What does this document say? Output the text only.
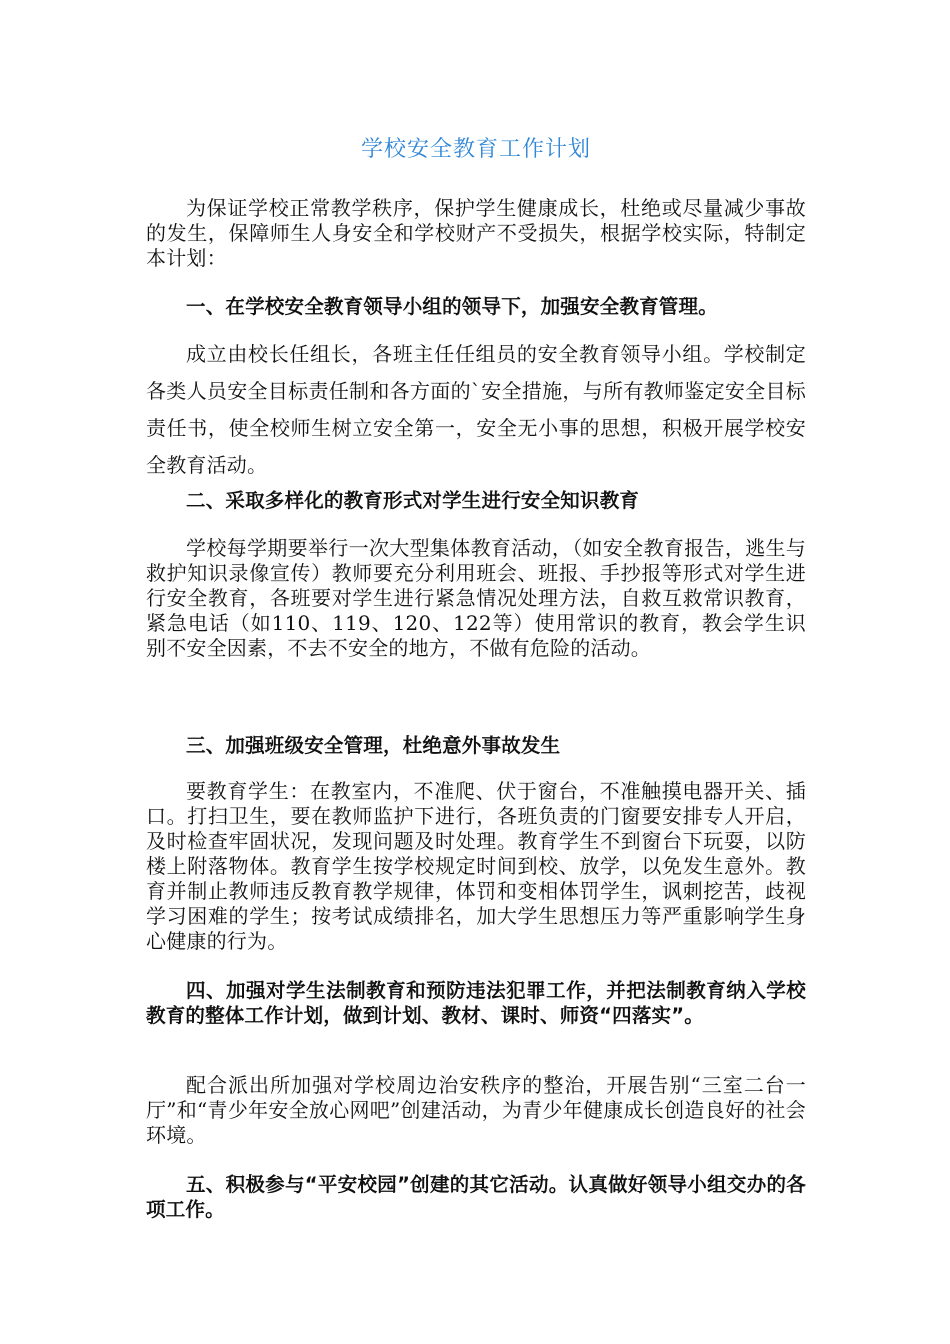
学校安全教育工作计划

为保证学校正常教学秩序，保护学生健康成长，杜绝或尽量减少事故的发生，保障师生人身安全和学校财产不受损失，根据学校实际，特制定本计划：

一、在学校安全教育领导小组的领导下，加强安全教育管理。

成立由校长任组长，各班主任任组员的安全教育领导小组。学校制定各类人员安全目标责任制和各方面的`安全措施，与所有教师鉴定安全目标责任书，使全校师生树立安全第一，安全无小事的思想，积极开展学校安全教育活动。

二、采取多样化的教育形式对学生进行安全知识教育

学校每学期要举行一次大型集体教育活动，（如安全教育报告，逃生与救护知识录像宣传）教师要充分利用班会、班报、手抄报等形式对学生进行安全教育，各班要对学生进行紧急情况处理方法，自救互救常识教育，紧急电话（如110、119、120、122等）使用常识的教育，教会学生识别不安全因素，不去不安全的地方，不做有危险的活动。

三、加强班级安全管理，杜绝意外事故发生

要教育学生：在教室内，不准爬、伏于窗台，不准触摸电器开关、插口。打扫卫生，要在教师监护下进行，各班负责的门窗要安排专人开启，及时检查牢固状况，发现问题及时处理。教育学生不到窗台下玩耍，以防楼上附落物体。教育学生按学校规定时间到校、放学，以免发生意外。教育并制止教师违反教育教学规律，体罚和变相体罚学生，讽刺挖苦，歧视学习困难的学生；按考试成绩排名，加大学生思想压力等严重影响学生身心健康的行为。

四、加强对学生法制教育和预防违法犯罪工作，并把法制教育纳入学校教育的整体工作计划，做到计划、教材、课时、师资“四落实”。

配合派出所加强对学校周边治安秩序的整治，开展告别“三室二台一厅”和“青少年安全放心网吧”创建活动，为青少年健康成长创造良好的社会环境。

五、积极参与“平安校园”创建的其它活动。认真做好领导小组交办的各项工作。
